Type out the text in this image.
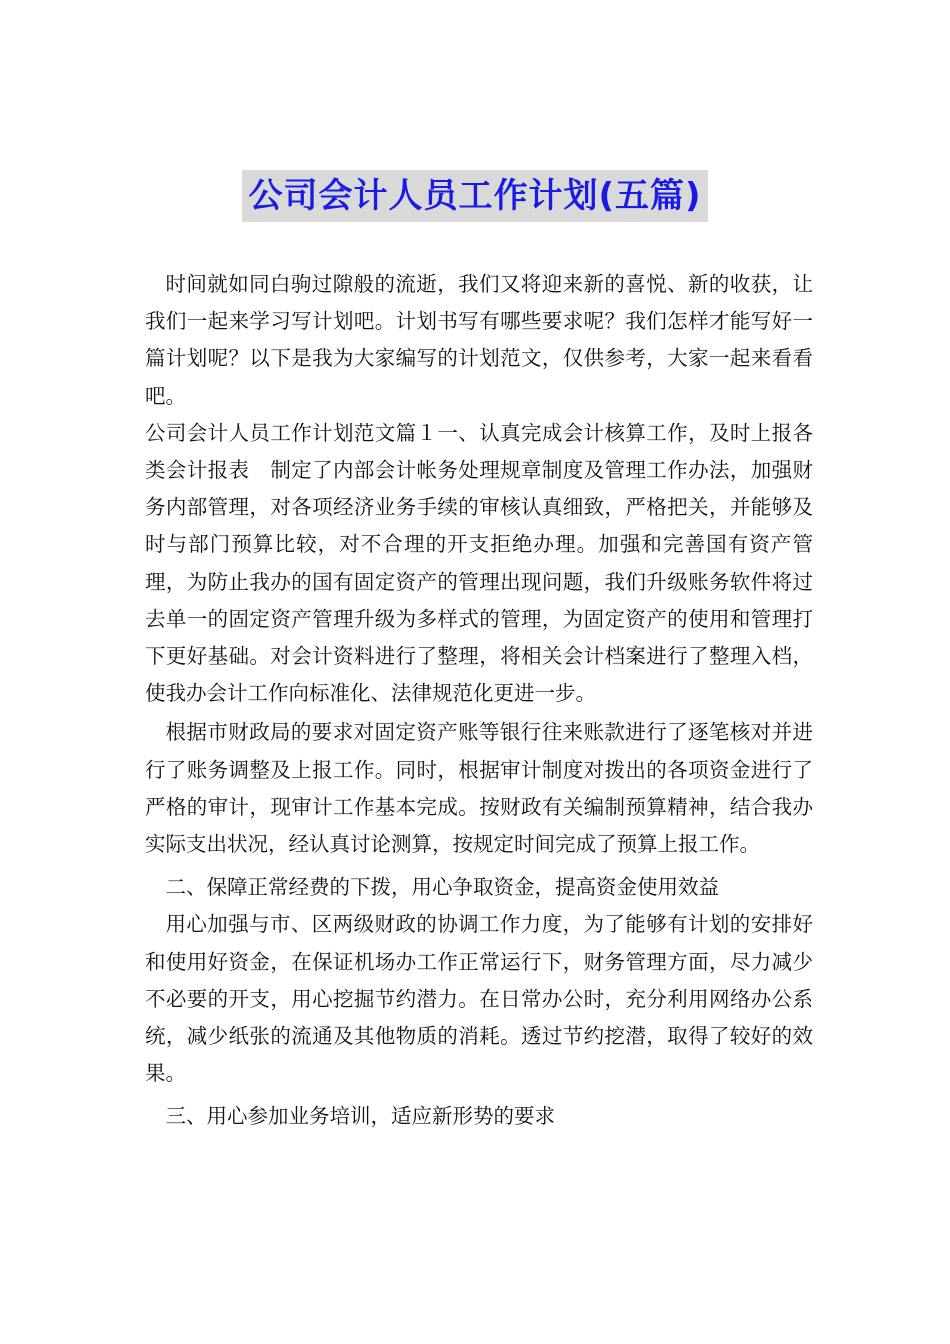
公司会计人员工作计划(五篇)

时间就如同白驹过隙般的流逝，我们又将迎来新的喜悦、新的收获，让我们一起来学习写计划吧。计划书写有哪些要求呢？我们怎样才能写好一篇计划呢？以下是我为大家编写的计划范文，仅供参考，大家一起来看看吧。

公司会计人员工作计划范文篇１一、认真完成会计核算工作，及时上报各类会计报表　制定了内部会计帐务处理规章制度及管理工作办法，加强财务内部管理，对各项经济业务手续的审核认真细致，严格把关，并能够及时与部门预算比较，对不合理的开支拒绝办理。加强和完善国有资产管理，为防止我办的国有固定资产的管理出现问题，我们升级账务软件将过去单一的固定资产管理升级为多样式的管理，为固定资产的使用和管理打下更好基础。对会计资料进行了整理，将相关会计档案进行了整理入档，使我办会计工作向标准化、法律规范化更进一步。

根据市财政局的要求对固定资产账等银行往来账款进行了逐笔核对并进行了账务调整及上报工作。同时，根据审计制度对拨出的各项资金进行了严格的审计，现审计工作基本完成。按财政有关编制预算精神，结合我办实际支出状况，经认真讨论测算，按规定时间完成了预算上报工作。

二、保障正常经费的下拨，用心争取资金，提高资金使用效益

用心加强与市、区两级财政的协调工作力度，为了能够有计划的安排好和使用好资金，在保证机场办工作正常运行下，财务管理方面，尽力减少不必要的开支，用心挖掘节约潜力。在日常办公时，充分利用网络办公系统，减少纸张的流通及其他物质的消耗。透过节约挖潜，取得了较好的效果。

三、用心参加业务培训，适应新形势的要求
